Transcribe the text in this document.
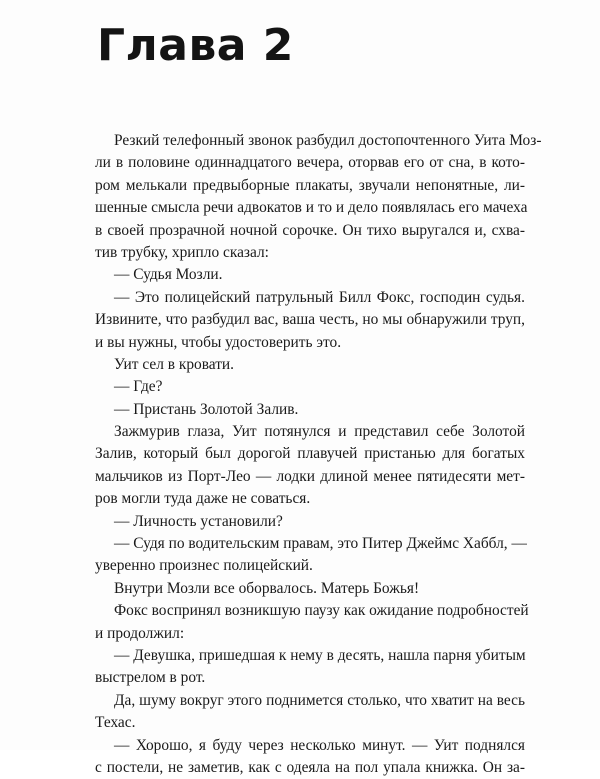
Глава 2
Резкий телефонный звонок разбудил достопочтенного Уита Моз-
ли в половине одиннадцатого вечера, оторвав его от сна, в кото-
ром мелькали предвыборные плакаты, звучали непонятные, ли-
шенные смысла речи адвокатов и то и дело появлялась его мачеха
в своей прозрачной ночной сорочке. Он тихо выругался и, схва-
тив трубку, хрипло сказал:
— Судья Мозли.
— Это полицейский патрульный Билл Фокс, господин судья.
Извините, что разбудил вас, ваша честь, но мы обнаружили труп,
и вы нужны, чтобы удостоверить это.
Уит сел в кровати.
— Где?
— Пристань Золотой Залив.
Зажмурив глаза, Уит потянулся и представил себе Золотой
Залив, который был дорогой плавучей пристанью для богатых
мальчиков из Порт-Лео — лодки длиной менее пятидесяти мет-
ров могли туда даже не соваться.
— Личность установили?
— Судя по водительским правам, это Питер Джеймс Хаббл, —
уверенно произнес полицейский.
Внутри Мозли все оборвалось. Матерь Божья!
Фокс воспринял возникшую паузу как ожидание подробностей
и продолжил:
— Девушка, пришедшая к нему в десять, нашла парня убитым
выстрелом в рот.
Да, шуму вокруг этого поднимется столько, что хватит на весь
Техас.
— Хорошо, я буду через несколько минут. — Уит поднялся
с постели, не заметив, как с одеяла на пол упала книжка. Он за-
